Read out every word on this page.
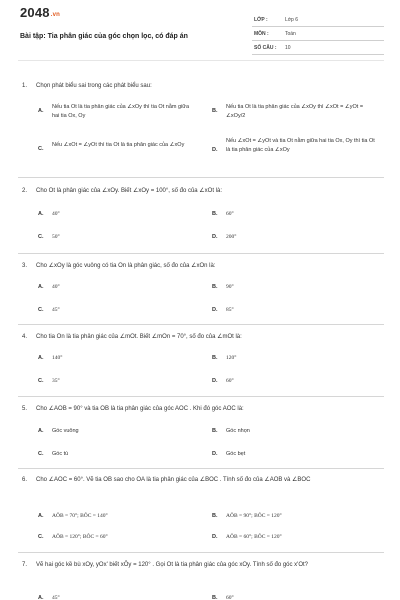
2048.vn
Bài tập: Tia phân giác của góc chọn lọc, có đáp án
LỚP :	Lớp 6
MÔN :	Toán
SỐ CÂU : 10
1. Chọn phát biểu sai trong các phát biểu sau:
A.
Nếu tia Ot là tia phân giác của ∠xOy thì tia Ot nằm giữa hai tia Ox, Oy
B.
Nếu tia Ot là tia phân giác của ∠xOy thì ∠xOt = ∠yOt = ∠xOy/2
C.
Nếu ∠xOt = ∠yOt thì tia Ot là tia phân giác của ∠xOy
D.
Nếu ∠xOt = ∠yOt và tia Ot nằm giữa hai tia Ox, Oy thì tia Ot là tia phân giác của ∠xOy
2. Cho Ot là phân giác của ∠xOy. Biết ∠xOy = 100°, số đo của ∠xOt là:
A. 40°	B. 60°
C. 50°	D. 200°
3. Cho ∠xOy là góc vuông có tia On là phân giác, số đo của ∠xOn là:
A. 40°	B. 90°
C. 45°	D. 85°
4. Cho tia On là tia phân giác của ∠mOt. Biết ∠mOn = 70°, số đo của ∠mOt là:
A. 140°	B. 120°
C. 35°	D. 60°
5. Cho ∠AOB = 90° và tia OB là tia phân giác của góc AOC . Khi đó góc AOC là:
A. Góc vuông	B. Góc nhọn
C. Góc tù	D. Góc bẹt
6. Cho ∠AOC = 60°. Vẽ tia OB sao cho OA là tia phân giác của ∠BOC . Tính số đo của ∠AOB và ∠BOC
A. AÔB = 70°; BÔC = 140°	B. AÔB = 90°; BÔC = 120°
C. AÔB = 120°; BÔC = 60°	D. AÔB = 60°; BÔC = 120°
7. Vẽ hai góc kề bù xOy, yOx' biết xÔy = 120° . Gọi Ot là tia phân giác của góc xOy. Tính số đo góc x'Ot?
A. 45°	B. 60°
